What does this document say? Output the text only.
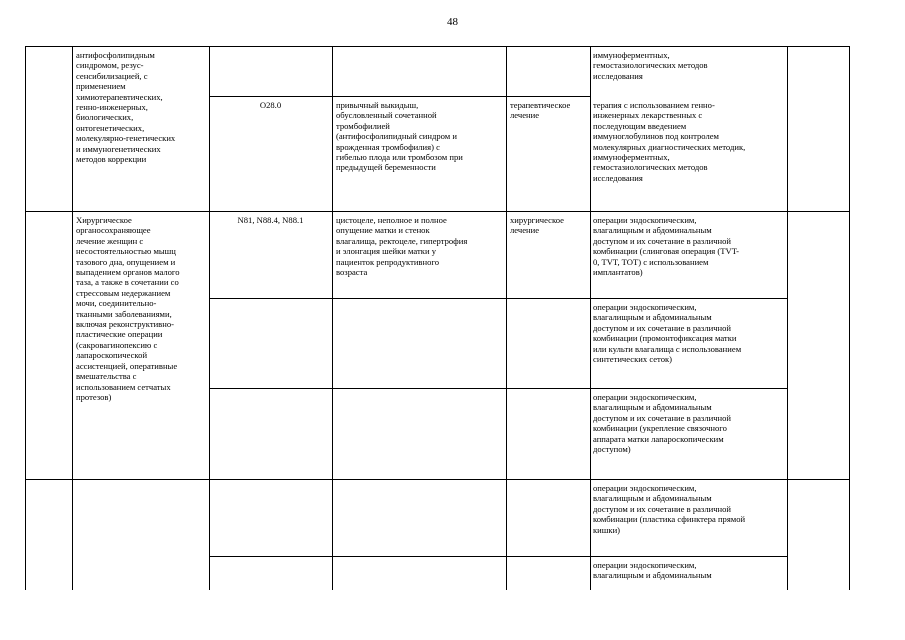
48
антифосфолипидным
синдромом, резус-
сенсибилизацией, с
применением
химиотерапевтических,
генно-инженерных,
биологических,
онтогенетических,
молекулярно-генетических
и иммуногенетических
методов коррекции
иммуноферментных,
гемостазиологических методов
исследования
O28.0	привычный выкидыш,
обусловленный сочетанной
тромбофилией
(антифосфолипидный синдром и
врожденная тромбофилия) с
гибелью плода или тромбозом при
предыдущей беременности
терапевтическое
лечение
терапия с использованием генно-
инженерных лекарственных с
последующим введением
иммуноглобулинов под контролем
молекулярных диагностических методик,
иммуноферментных,
гемостазиологических методов
исследования
Хирургическое
органосохраняющее
лечение женщин с
несостоятельностью мышц
тазового дна, опущением и
выпадением органов малого
таза, а также в сочетании со
стрессовым недержанием
мочи, соединительно-
тканными заболеваниями,
включая реконструктивно-
пластические операции
(сакровагинопексию с
лапароскопической
ассистенцией, оперативные
вмешательства с
использованием сетчатых
протезов)
N81, N88.4, N88.1	цистоцеле, неполное и полное
опущение матки и стенок
влагалища, ректоцеле, гипертрофия
и элонгация шейки матки у
пациенток репродуктивного
возраста
хирургическое
лечение
операции эндоскопическим,
влагалищным и абдоминальным
доступом и их сочетание в различной
комбинации (слинговая операция (TVT-
0, TVT, TOT) с использованием
имплантатов)
операции эндоскопическим,
влагалищным и абдоминальным
доступом и их сочетание в различной
комбинации (промонтофиксация матки
или культи влагалища с использованием
синтетических сеток)
операции эндоскопическим,
влагалищным и абдоминальным
доступом и их сочетание в различной
комбинации (укрепление связочного
аппарата матки лапароскопическим
доступом)
операции эндоскопическим,
влагалищным и абдоминальным
доступом и их сочетание в различной
комбинации (пластика сфинктера прямой
кишки)
операции эндоскопическим,
влагалищным и абдоминальным
